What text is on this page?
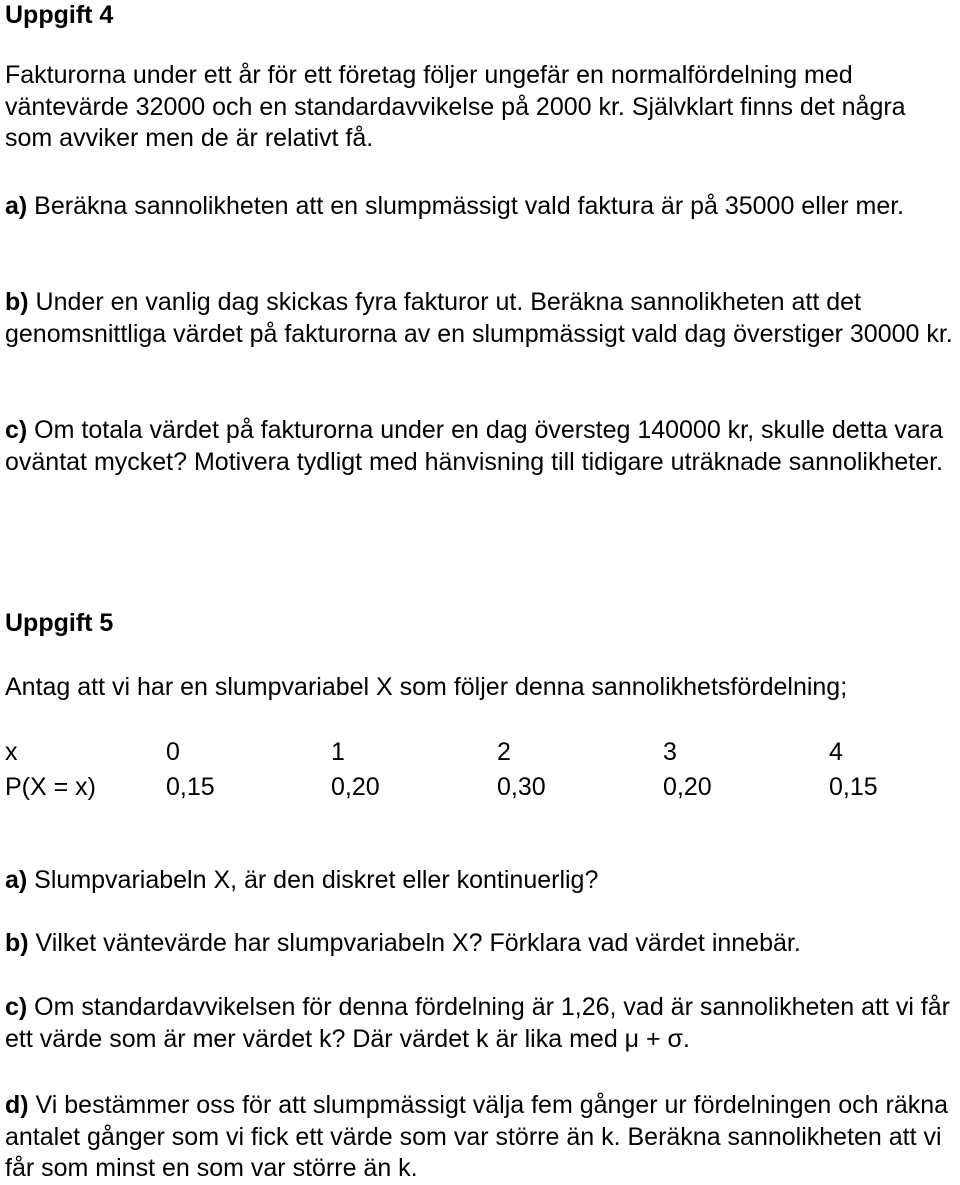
Uppgift 4

Fakturorna under ett år för ett företag följer ungefär en normalfördelning med väntevärde 32000 och en standardavvikelse på 2000 kr. Självklart finns det några som avviker men de är relativt få.

a) Beräkna sannolikheten att en slumpmässigt vald faktura är på 35000 eller mer.

b) Under en vanlig dag skickas fyra fakturor ut. Beräkna sannolikheten att det genomsnittliga värdet på fakturorna av en slumpmässigt vald dag överstiger 30000 kr.

c) Om totala värdet på fakturorna under en dag översteg 140000 kr, skulle detta vara oväntat mycket? Motivera tydligt med hänvisning till tidigare uträknade sannolikheter.

Uppgift 5

Antag att vi har en slumpvariabel X som följer denna sannolikhetsfördelning;

x	0	1	2	3	4
P(X = x)	0,15	0,20	0,30	0,20	0,15

a) Slumpvariabeln X, är den diskret eller kontinuerlig?

b) Vilket väntevärde har slumpvariabeln X? Förklara vad värdet innebär.

c) Om standardavvikelsen för denna fördelning är 1,26, vad är sannolikheten att vi får ett värde som är mer värdet k? Där värdet k är lika med μ + σ.

d) Vi bestämmer oss för att slumpmässigt välja fem gånger ur fördelningen och räkna antalet gånger som vi fick ett värde som var större än k. Beräkna sannolikheten att vi får som minst en som var större än k.
